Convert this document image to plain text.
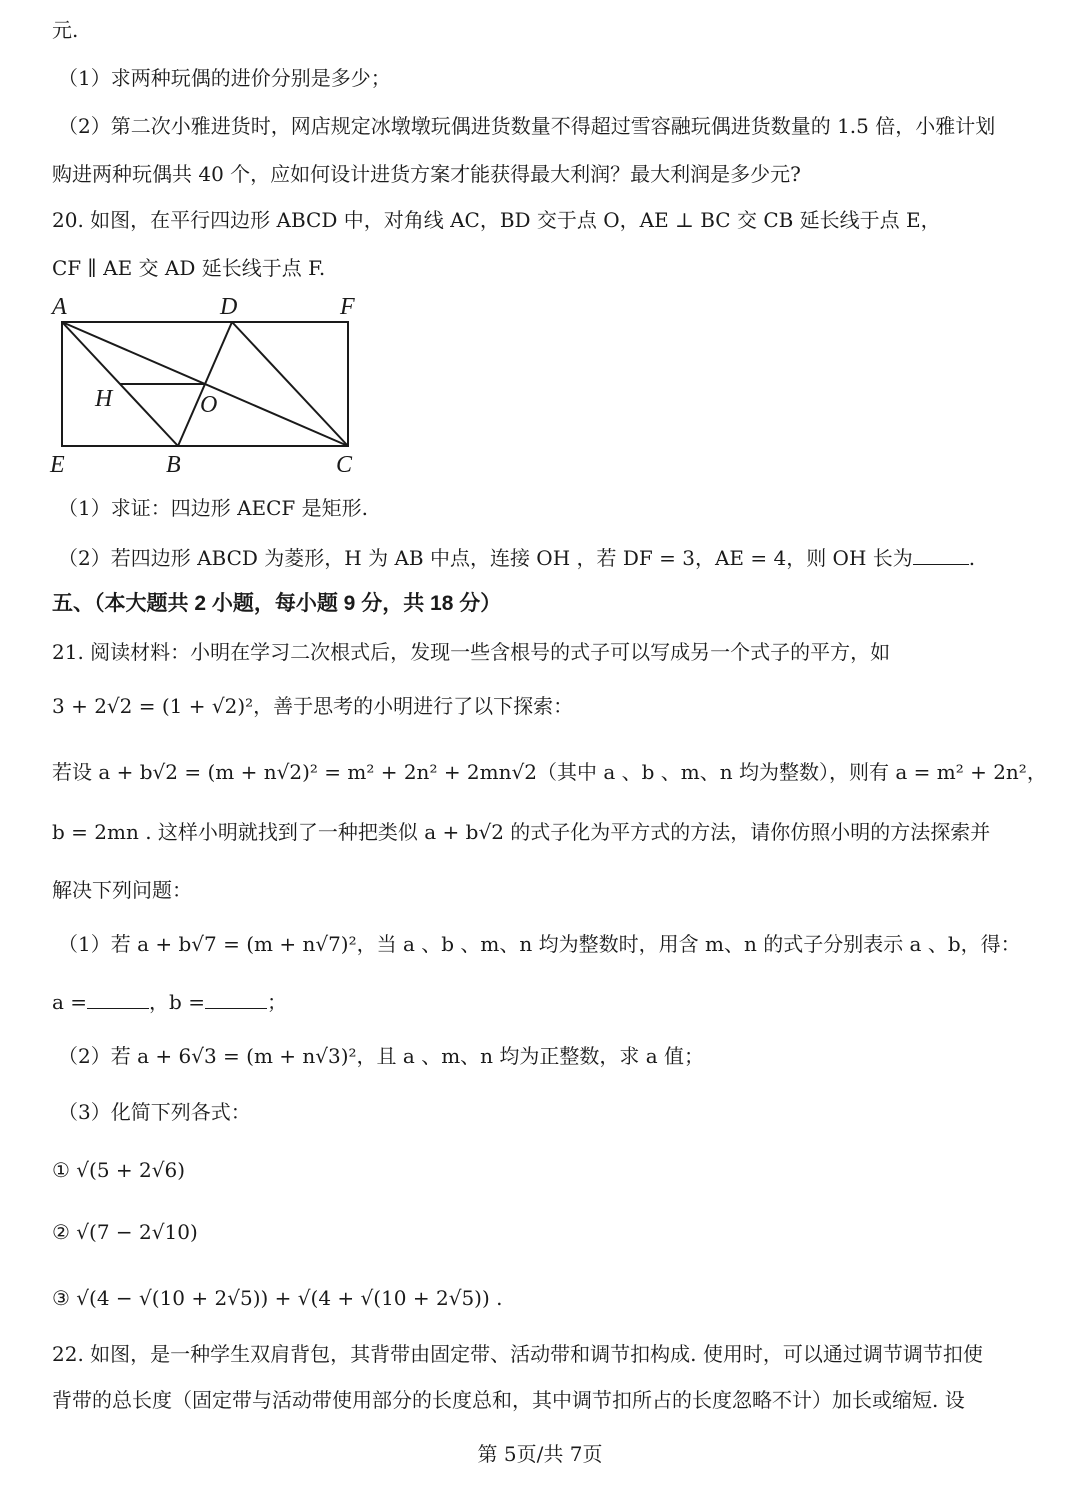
元.
（1）求两种玩偶的进价分别是多少；
（2）第二次小雅进货时，网店规定冰墩墩玩偶进货数量不得超过雪容融玩偶进货数量的 1.5 倍，小雅计划
购进两种玩偶共 40 个，应如何设计进货方案才能获得最大利润？最大利润是多少元?
20. 如图，在平行四边形 ABCD 中，对角线 AC，BD 交于点 O，AE ⊥ BC 交 CB 延长线于点 E，
CF ∥ AE 交 AD 延长线于点 F.
A	D	F
H	O
E	B	C
（1）求证：四边形 AECF 是矩形.
（2）若四边形 ABCD 为菱形，H 为 AB 中点，连接 OH ，若 DF = 3，AE = 4，则 OH 长为	.
五、（本大题共 2 小题，每小题 9 分，共 18 分）
21. 阅读材料：小明在学习二次根式后，发现一些含根号的式子可以写成另一个式子的平方，如
3 + 2√2 = (1 + √2)²，善于思考的小明进行了以下探索：
若设 a + b√2 = (m + n√2)² = m² + 2n² + 2mn√2（其中 a 、b 、m、n 均为整数），则有 a = m² + 2n²，
b = 2mn . 这样小明就找到了一种把类似 a + b√2 的式子化为平方式的方法，请你仿照小明的方法探索并
解决下列问题：
（1）若 a + b√7 = (m + n√7)²，当 a 、b 、m、n 均为整数时，用含 m、n 的式子分别表示 a 、b，得：
a =	，b =	；
（2）若 a + 6√3 = (m + n√3)²，且 a 、m、n 均为正整数，求 a 值；
（3）化简下列各式：
① √(5 + 2√6)
② √(7 − 2√10)
③ √(4 − √(10 + 2√5)) + √(4 + √(10 + 2√5)) .
22. 如图，是一种学生双肩背包，其背带由固定带、活动带和调节扣构成. 使用时，可以通过调节调节扣使
背带的总长度（固定带与活动带使用部分的长度总和，其中调节扣所占的长度忽略不计）加长或缩短. 设
第 5页/共 7页
